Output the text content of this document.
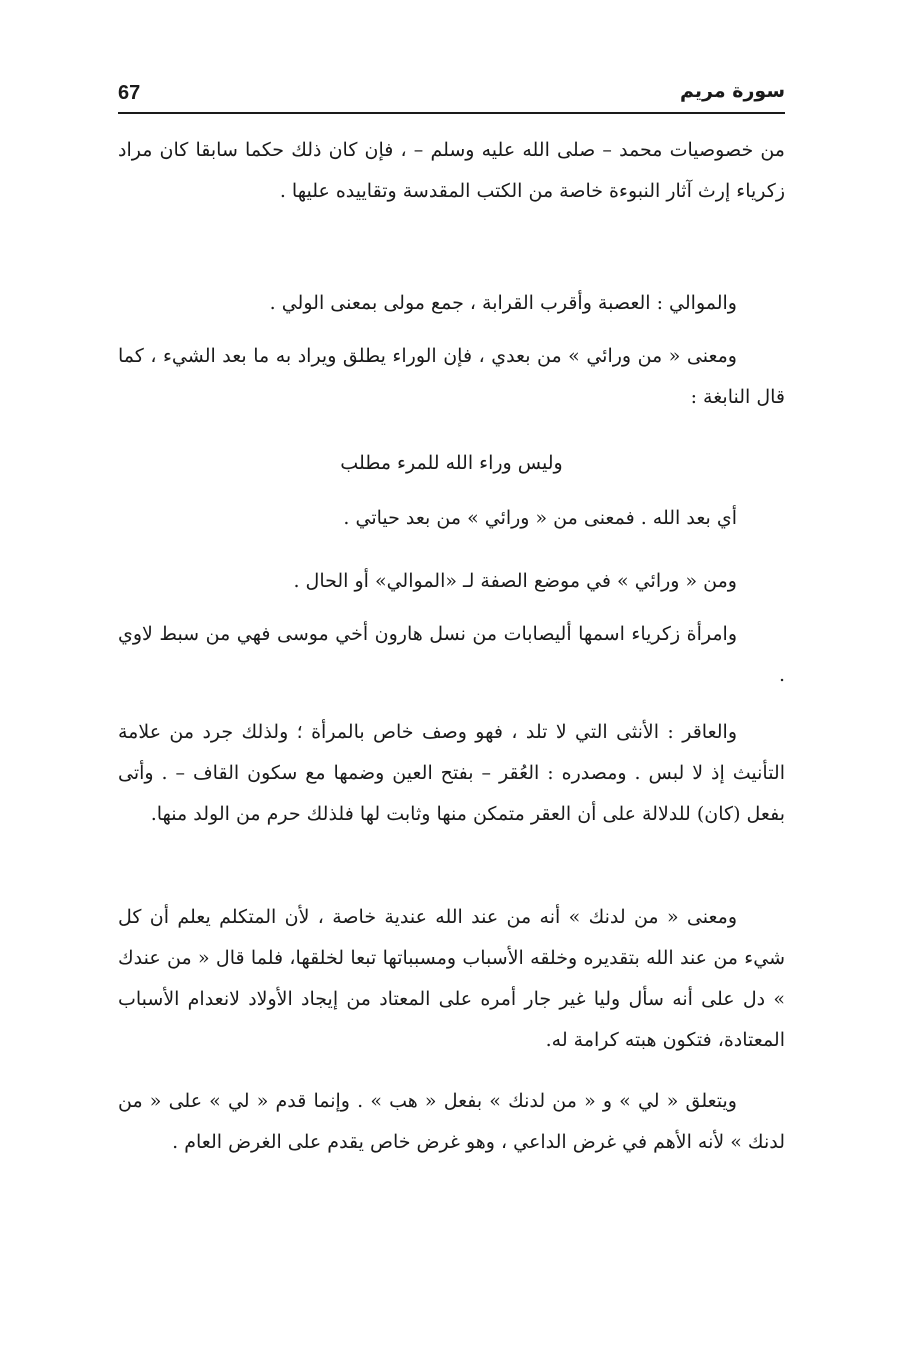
67	سورة مريم

من خصوصيات محمد – صلى الله عليه وسلم – ، فإن كان ذلك حكما سابقا كان مراد زكرياء إرث آثار النبوءة خاصة من الكتب المقدسة وتقاييده عليها .

والموالي : العصبة وأقرب القرابة ، جمع مولى بمعنى الولي .

ومعنى « من ورائي » من بعدي ، فإن الوراء يطلق ويراد به ما بعد الشيء ، كما قال النابغة :

وليس وراء الله للمرء مطلب

أي بعد الله . فمعنى من « ورائي » من بعد حياتي .

ومن « ورائي » في موضع الصفة لـ «الموالي» أو الحال .

وامرأة زكرياء اسمها أليصابات من نسل هارون أخي موسى فهي من سبط لاوي .

والعاقر : الأنثى التي لا تلد ، فهو وصف خاص بالمرأة ؛ ولذلك جرد من علامة التأنيث إذ لا لبس . ومصدره : العُقر – بفتح العين وضمها مع سكون القاف – . وأتى بفعل (كان) للدلالة على أن العقر متمكن منها وثابت لها فلذلك حرم من الولد منها.

ومعنى « من لدنك » أنه من عند الله عندية خاصة ، لأن المتكلم يعلم أن كل شيء من عند الله بتقديره وخلقه الأسباب ومسبباتها تبعا لخلقها، فلما قال « من عندك » دل على أنه سأل وليا غير جار أمره على المعتاد من إيجاد الأولاد لانعدام الأسباب المعتادة، فتكون هبته كرامة له.

ويتعلق « لي » و « من لدنك » بفعل « هب » . وإنما قدم « لي » على « من لدنك » لأنه الأهم في غرض الداعي ، وهو غرض خاص يقدم على الغرض العام .
